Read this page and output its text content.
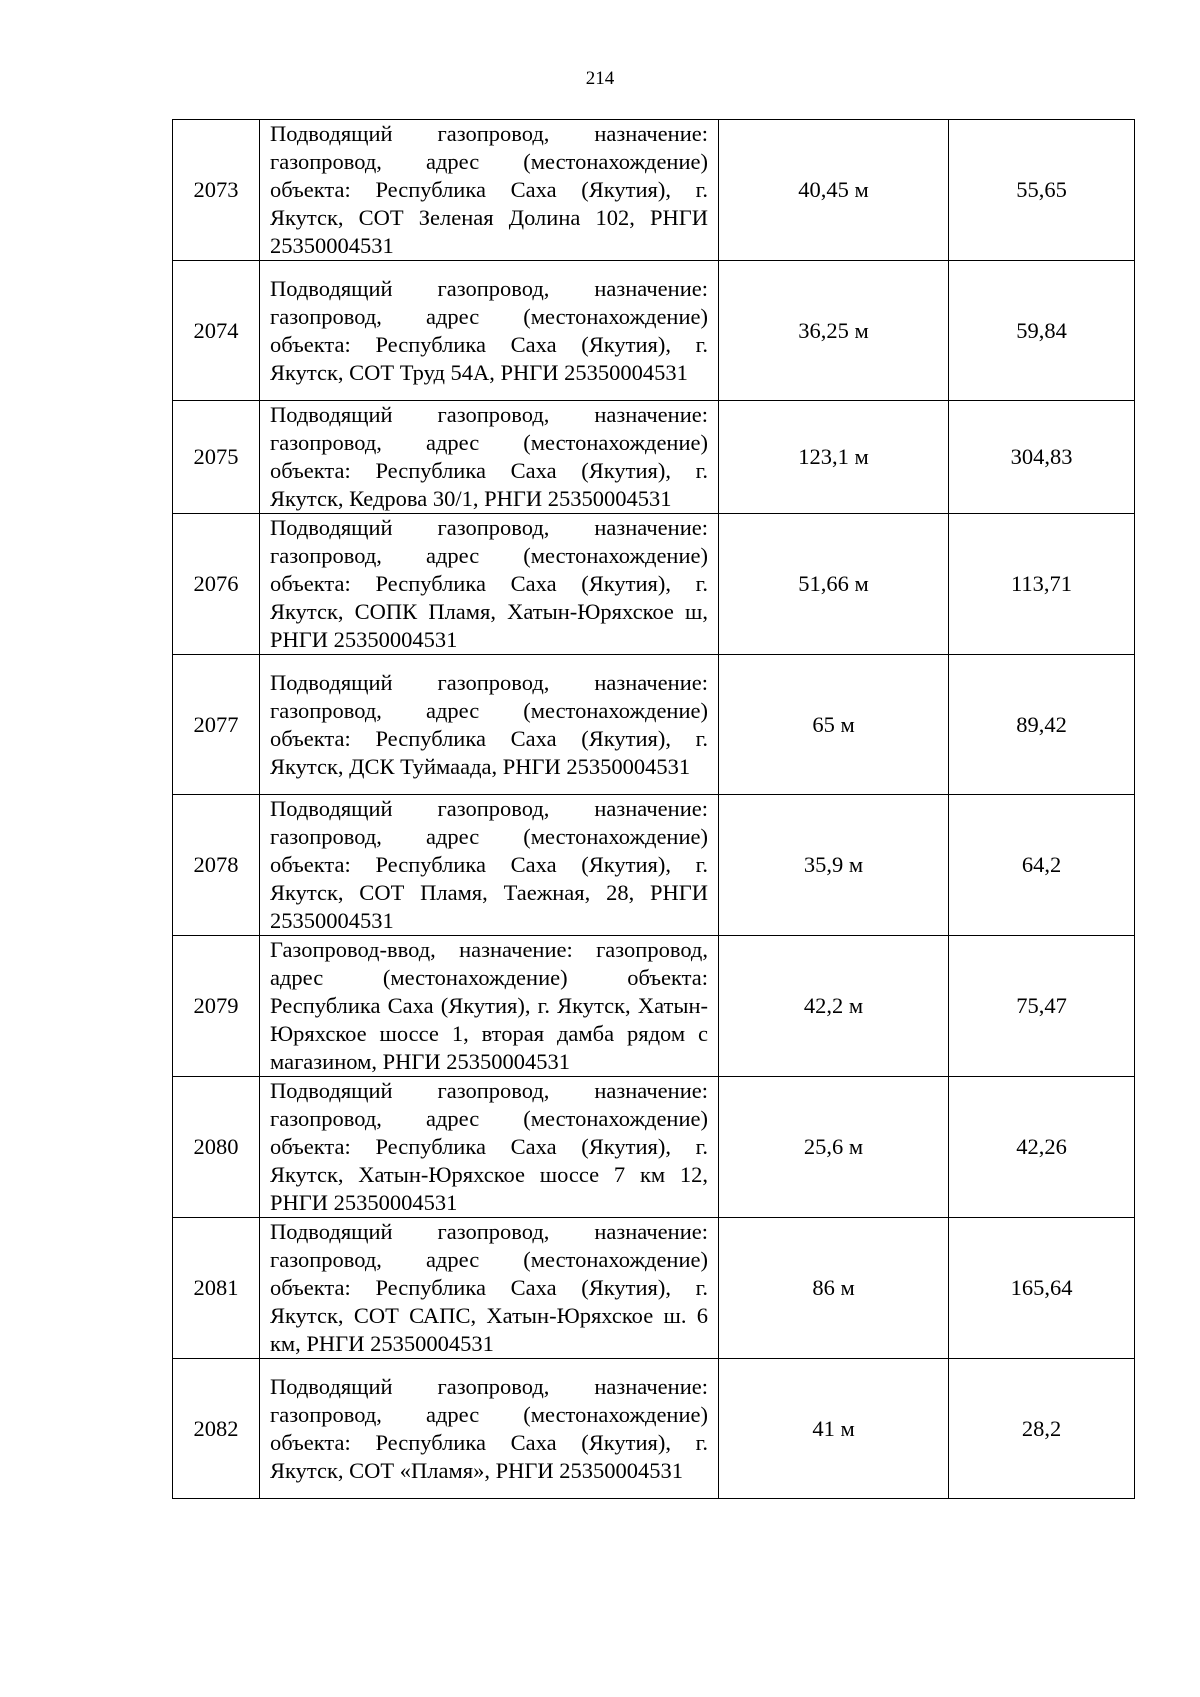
214
2073	Подводящий газопровод, назначение: газопровод, адрес (местонахождение) объекта: Республика Саха (Якутия), г. Якутск, СОТ Зеленая Долина 102, РНГИ 25350004531	40,45 м	55,65
2074	Подводящий газопровод, назначение: газопровод, адрес (местонахождение) объекта: Республика Саха (Якутия), г. Якутск, СОТ Труд 54А, РНГИ 25350004531	36,25 м	59,84
2075	Подводящий газопровод, назначение: газопровод, адрес (местонахождение) объекта: Республика Саха (Якутия), г. Якутск, Кедрова 30/1, РНГИ 25350004531	123,1 м	304,83
2076	Подводящий газопровод, назначение: газопровод, адрес (местонахождение) объекта: Республика Саха (Якутия), г. Якутск, СОПК Пламя, Хатын-Юряхское ш, РНГИ 25350004531	51,66 м	113,71
2077	Подводящий газопровод, назначение: газопровод, адрес (местонахождение) объекта: Республика Саха (Якутия), г. Якутск, ДСК Туймаада, РНГИ 25350004531	65 м	89,42
2078	Подводящий газопровод, назначение: газопровод, адрес (местонахождение) объекта: Республика Саха (Якутия), г. Якутск, СОТ Пламя, Таежная, 28, РНГИ 25350004531	35,9 м	64,2
2079	Газопровод-ввод, назначение: газопровод, адрес (местонахождение) объекта: Республика Саха (Якутия), г. Якутск, Хатын-Юряхское шоссе 1, вторая дамба рядом с магазином, РНГИ 25350004531	42,2 м	75,47
2080	Подводящий газопровод, назначение: газопровод, адрес (местонахождение) объекта: Республика Саха (Якутия), г. Якутск, Хатын-Юряхское шоссе 7 км 12, РНГИ 25350004531	25,6 м	42,26
2081	Подводящий газопровод, назначение: газопровод, адрес (местонахождение) объекта: Республика Саха (Якутия), г. Якутск, СОТ САПС, Хатын-Юряхское ш. 6 км, РНГИ 25350004531	86 м	165,64
2082	Подводящий газопровод, назначение: газопровод, адрес (местонахождение) объекта: Республика Саха (Якутия), г. Якутск, СОТ «Пламя», РНГИ 25350004531	41 м	28,2
